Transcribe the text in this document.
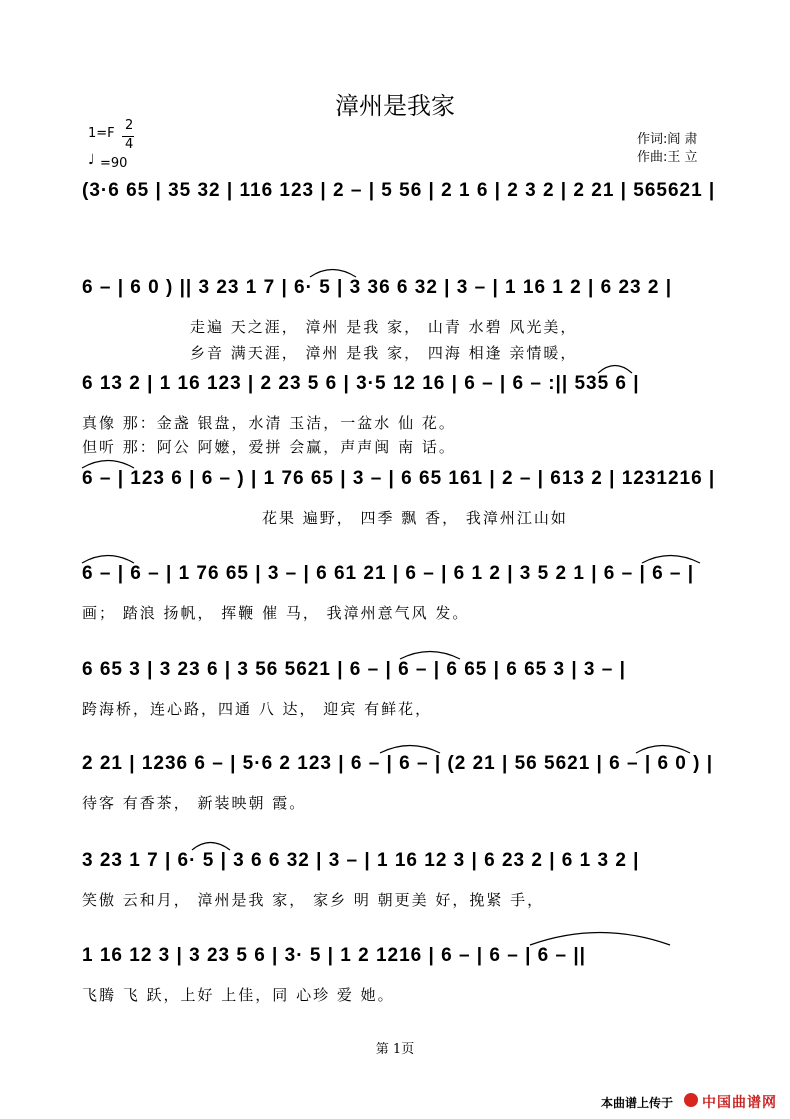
漳州是我家
1=F
2
4
♩ =90
作词:阎 肃
作曲:王 立
(3·6 65 | 35 32 | 116 123 | 2 – | 5 56 | 2 1 6 | 2 3 2 | 2 21 | 565621 |
6 – | 6 0 ) || 3 23 1 7 | 6· 5 | 3 36 6 32 | 3 – | 1 16 1 2 | 6 23 2 |
走遍 天之涯， 漳州 是我 家， 山青 水碧 风光美，
乡音 满天涯， 漳州 是我 家， 四海 相逢 亲情暖，
6 13 2 | 1 16 123 | 2 23 5 6 | 3·5 12 16 | 6 – | 6 – :|| 535 6 |
真像 那：金盏 银盘，水清 玉洁，一盆水 仙 花。
但听 那：阿公 阿嬷，爱拼 会赢，声声闽 南 话。
6 – | 123 6 | 6 – ) | 1 76 65 | 3 – | 6 65 161 | 2 – | 613 2 | 1231216 |
花果 遍野， 四季 飘 香， 我漳州江山如
6 – | 6 – | 1 76 65 | 3 – | 6 61 21 | 6 – | 6 1 2 | 3 5 2 1 | 6 – | 6 – |
画； 踏浪 扬帆， 挥鞭 催 马， 我漳州意气风 发。
6 65 3 | 3 23 6 | 3 56 5621 | 6 – | 6 – | 6 65 | 6 65 3 | 3 – |
跨海桥，连心路，四通 八 达， 迎宾 有鲜花，
2 21 | 1236 6 – | 5·6 2 123 | 6 – | 6 – | (2 21 | 56 5621 | 6 – | 6 0 ) |
待客 有香茶， 新装映朝 霞。
3 23 1 7 | 6· 5 | 3 6 6 32 | 3 – | 1 16 12 3 | 6 23 2 | 6 1 3 2 |
笑傲 云和月， 漳州是我 家， 家乡 明 朝更美 好，挽紧 手，
1 16 12 3 | 3 23 5 6 | 3· 5 | 1 2 1216 | 6 – | 6 – | 6 – ||
飞腾 飞 跃，上好 上佳，同 心珍 爱 她。
第 1页
本曲谱上传于 中国曲谱网
